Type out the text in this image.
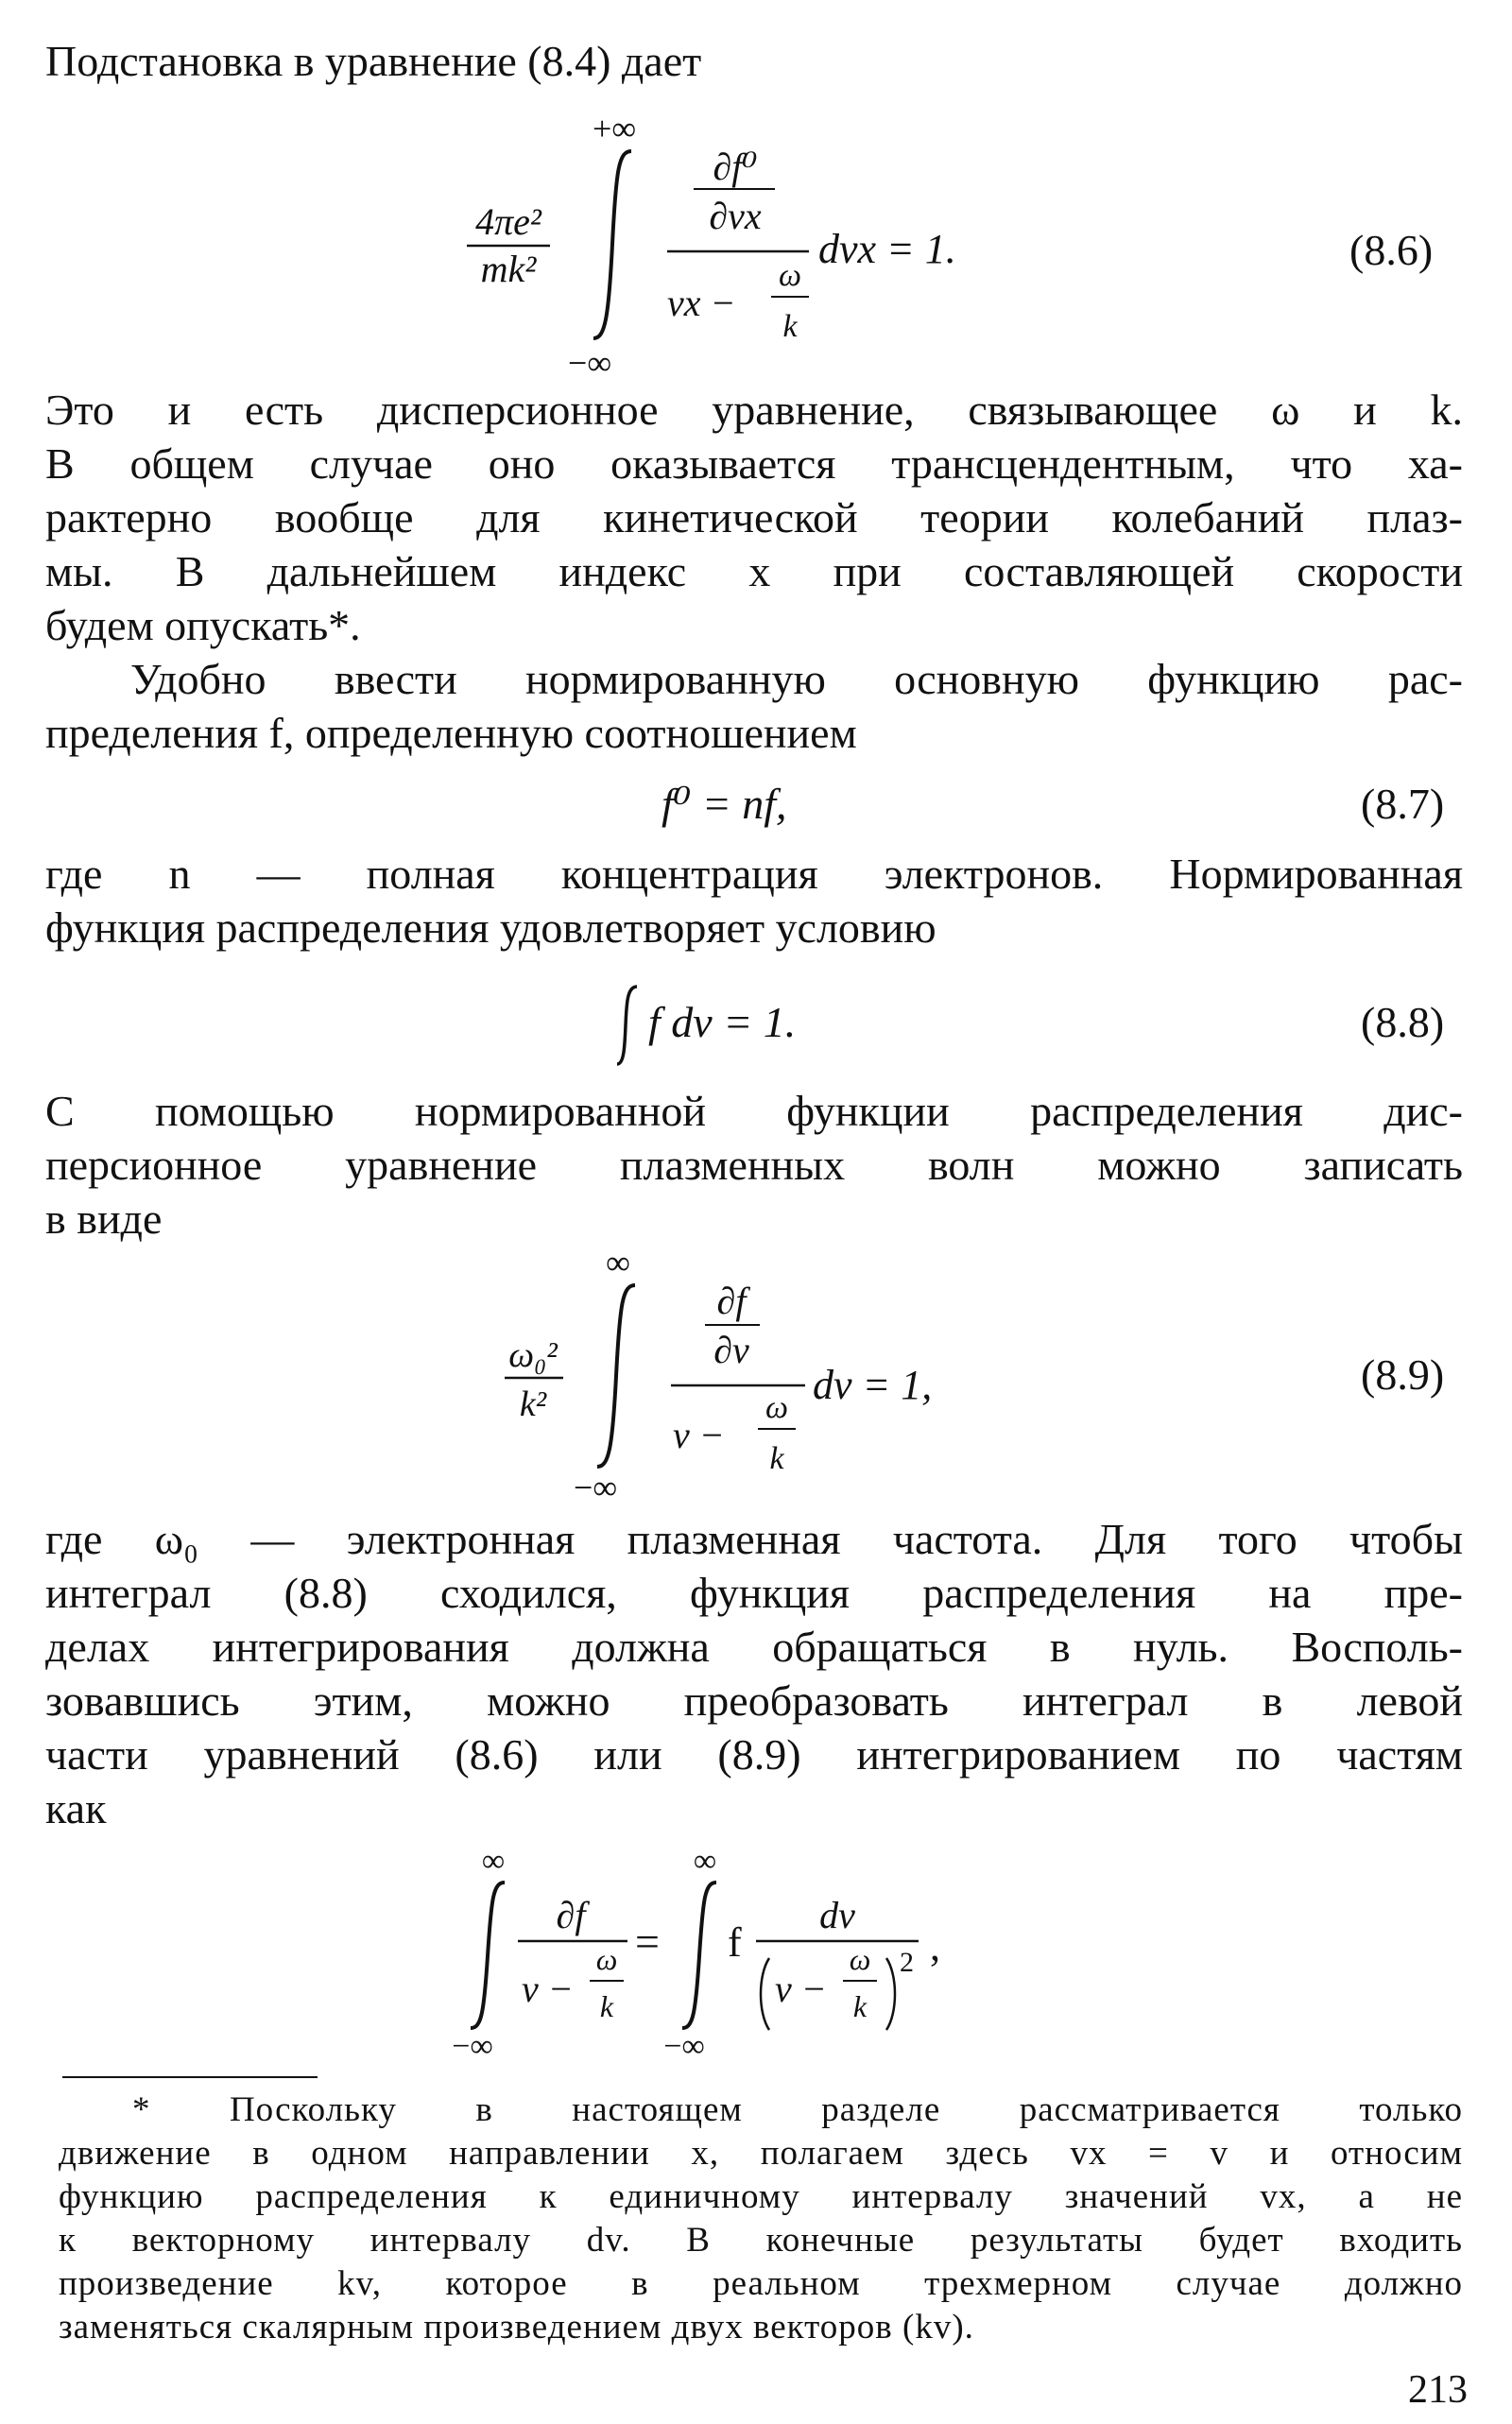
Подстановка в уравнение (8.4) дает
4πe²
mk²
+∞
−∞
∂f⁰
∂vx
vx −
ω
k
dvx = 1.	(8.6)
Это и есть дисперсионное уравнение, связывающее ω и k.
В общем случае оно оказывается трансцендентным, что ха-
рактерно вообще для кинетической теории колебаний плаз-
мы. В дальнейшем индекс x при составляющей скорости
будем опускать*.
Удобно ввести нормированную основную функцию рас-
пределения f, определенную соотношением
f⁰ = nf,	(8.7)
где n — полная концентрация электронов. Нормированная
функция распределения удовлетворяет условию
f dv = 1.	(8.8)
С помощью нормированной функции распределения дис-
персионное уравнение плазменных волн можно записать
в виде
ω₀²
k²
∞
−∞
∂f
∂v
v −
ω
k
dv = 1,	(8.9)
где ω₀ — электронная плазменная частота. Для того чтобы
интеграл (8.8) сходился, функция распределения на пре-
делах интегрирования должна обращаться в нуль. Восполь-
зовавшись этим, можно преобразовать интеграл в левой
части уравнений (8.6) или (8.9) интегрированием по частям
как
∞
−∞
∂f
v −
ω
k
=
∞
−∞
f
dv
v −
ω
k
2 ,
* Поскольку в настоящем разделе рассматривается только
движение в одном направлении x, полагаем здесь vx = v и относим
функцию распределения к единичному интервалу значений vx, а не
к векторному интервалу dv. В конечные результаты будет входить
произведение kv, которое в реальном трехмерном случае должно
заменяться скалярным произведением двух векторов (kv).
213
